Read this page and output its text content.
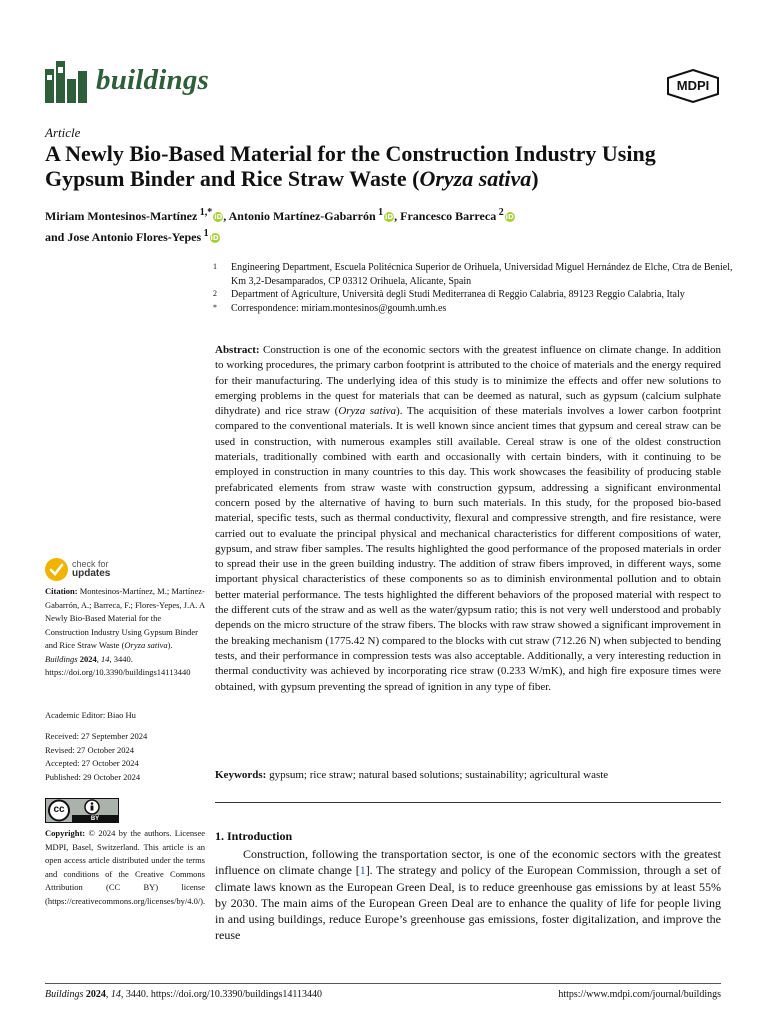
buildings	MDPI
Article
A Newly Bio-Based Material for the Construction Industry Using Gypsum Binder and Rice Straw Waste (Oryza sativa)
Miriam Montesinos-Martínez $^{1,*}$ iD, Antonio Martínez-Gabarrón $^1$ iD, Francesco Barreca $^2$ iD
and Jose Antonio Flores-Yepes $^1$ iD
1	Engineering Department, Escuela Politécnica Superior de Orihuela, Universidad Miguel Hernández de Elche, Ctra de Beniel, Km 3,2-Desamparados, CP 03312 Orihuela, Alicante, Spain
2	Department of Agriculture, Università degli Studi Mediterranea di Reggio Calabria, 89123 Reggio Calabria, Italy
*	Correspondence: miriam.montesinos@goumh.umh.es
Abstract: Construction is one of the economic sectors with the greatest influence on climate change. In addition to working procedures, the primary carbon footprint is attributed to the choice of materials and the energy required for their manufacturing. The underlying idea of this study is to minimize the effects and offer new solutions to emerging problems in the quest for materials that can be deemed as natural, such as gypsum (calcium sulphate dihydrate) and rice straw (Oryza sativa). The acquisition of these materials involves a lower carbon footprint compared to the conventional materials. It is well known since ancient times that gypsum and cereal straw can be used in construction, with numerous examples still available. Cereal straw is one of the oldest construction materials, traditionally combined with earth and occasionally with certain binders, with it continuing to be employed in construction in many countries to this day. This work showcases the feasibility of producing stable prefabricated elements from straw waste with construction gypsum, addressing a significant environmental concern posed by the alternative of having to burn such materials. In this study, for the proposed bio-based material, specific tests, such as thermal conductivity, flexural and compressive strength, and fire resistance, were carried out to evaluate the principal physical and mechanical characteristics for different compositions of water, gypsum, and straw fiber samples. The results highlighted the good performance of the proposed materials in order to spread their use in the green building industry. The addition of straw fibers improved, in different ways, some important physical characteristics of these components so as to diminish environmental pollution and to obtain better material performance. The tests highlighted the different behaviors of the proposed material with respect to the different cuts of the straw and as well as the water/gypsum ratio; this is not very well understood and probably depends on the micro structure of the straw fibers. The blocks with raw straw showed a significant improvement in the breaking mechanism (1775.42 N) compared to the blocks with cut straw (712.26 N) when subjected to bending tests, and their performance in compression tests was also acceptable. Additionally, a very interesting reduction in thermal conductivity was achieved by incorporating rice straw (0.233 W/mK), and high fire exposure times were obtained, with gypsum preventing the spread of ignition in any type of fiber.
Keywords: gypsum; rice straw; natural based solutions; sustainability; agricultural waste
check for
updates
Citation: Montesinos-Martínez, M.; Martínez-Gabarrón, A.; Barreca, F.; Flores-Yepes, J.A. A Newly Bio-Based Material for the Construction Industry Using Gypsum Binder and Rice Straw Waste (Oryza sativa). Buildings 2024, 14, 3440. https://doi.org/10.3390/buildings14113440
Academic Editor: Biao Hu
Received: 27 September 2024
Revised: 27 October 2024
Accepted: 27 October 2024
Published: 29 October 2024
cc
BY
Copyright: © 2024 by the authors. Licensee MDPI, Basel, Switzerland. This article is an open access article distributed under the terms and conditions of the Creative Commons Attribution (CC BY) license (https://creativecommons.org/licenses/by/4.0/).
1. Introduction
Construction, following the transportation sector, is one of the economic sectors with the greatest influence on climate change [1]. The strategy and policy of the European Commission, through a set of climate laws known as the European Green Deal, is to reduce greenhouse gas emissions by at least 55% by 2030. The main aims of the European Green Deal are to enhance the quality of life for people living in and using buildings, reduce Europe’s greenhouse gas emissions, foster digitalization, and improve the reuse
Buildings 2024, 14, 3440. https://doi.org/10.3390/buildings14113440	https://www.mdpi.com/journal/buildings
